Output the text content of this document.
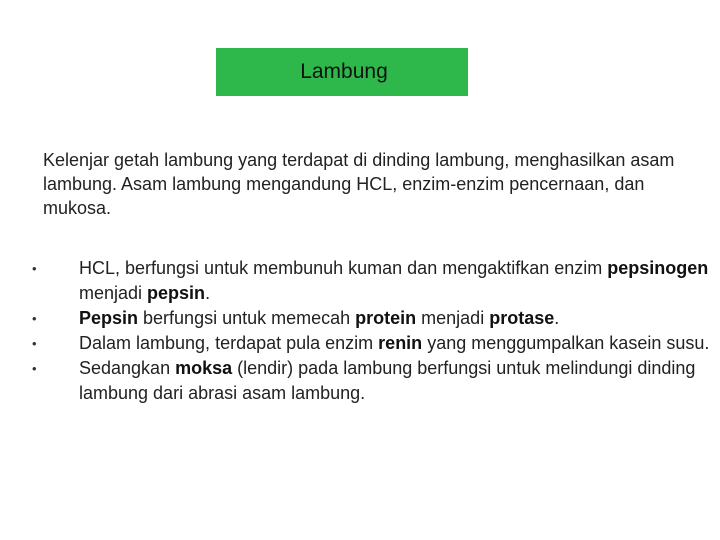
Lambung

Kelenjar getah lambung yang terdapat di dinding lambung, menghasilkan asam lambung. Asam lambung mengandung HCL, enzim-enzim pencernaan, dan mukosa.

• HCL, berfungsi untuk membunuh kuman dan mengaktifkan enzim pepsinogen menjadi pepsin.
• Pepsin berfungsi untuk memecah protein menjadi protase.
• Dalam lambung, terdapat pula enzim renin yang menggumpalkan kasein susu.
• Sedangkan moksa (lendir) pada lambung berfungsi untuk melindungi dinding lambung dari abrasi asam lambung.
